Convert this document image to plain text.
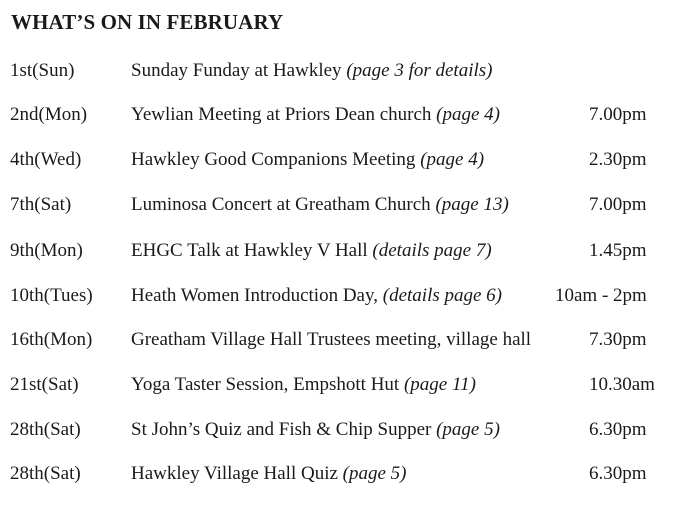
WHAT’S ON IN FEBRUARY
1st(Sun)	Sunday Funday at Hawkley (page 3 for details)
2nd(Mon) Yewlian Meeting at Priors Dean church (page 4)	7.00pm
4th(Wed)	Hawkley Good Companions Meeting (page 4)	2.30pm
7th(Sat)	Luminosa Concert at Greatham Church (page 13)	7.00pm
9th(Mon)	EHGC Talk at Hawkley V Hall (details page 7)	1.45pm
10th(Tues) Heath Women Introduction Day, (details page 6)	10am - 2pm
16th(Mon) Greatham Village Hall Trustees meeting, village hall	7.30pm
21st(Sat)	Yoga Taster Session, Empshott Hut (page 11)	10.30am
28th(Sat)	St John’s Quiz and Fish & Chip Supper (page 5)	6.30pm
28th(Sat)	Hawkley Village Hall Quiz (page 5)	6.30pm
